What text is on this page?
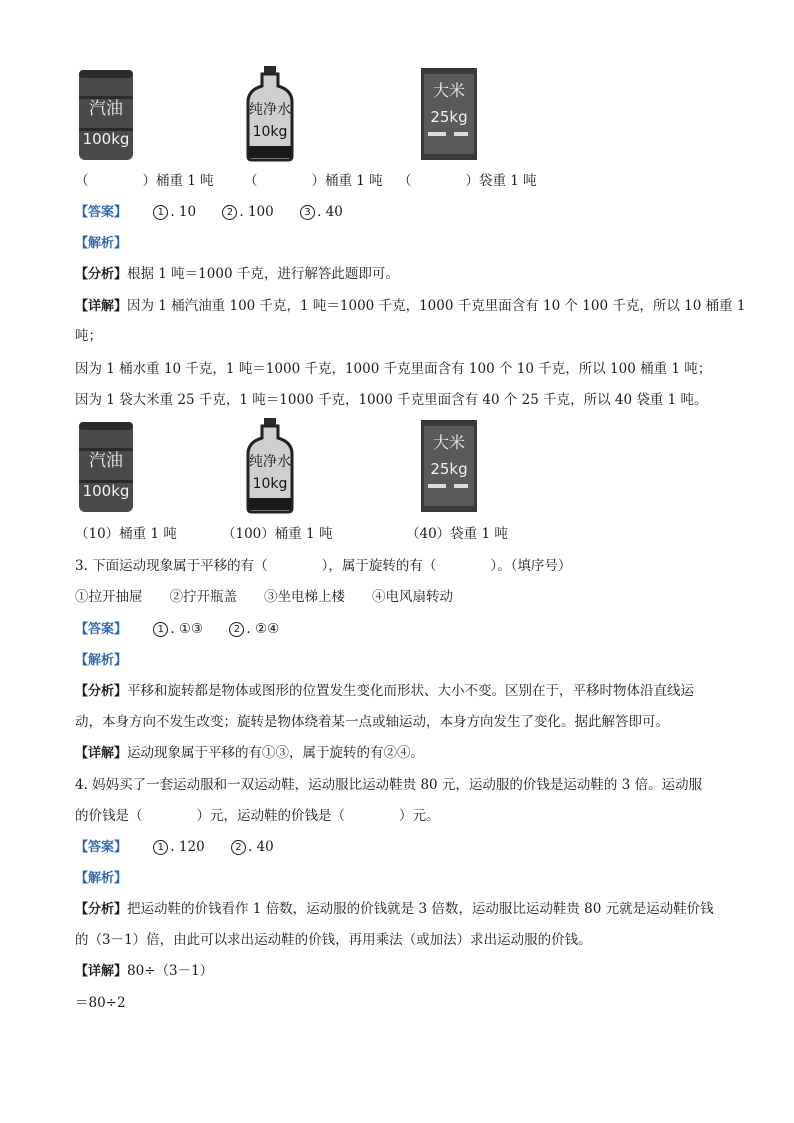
汽油
100kg
纯净水
10kg
大米
25kg
（　　　　）桶重 1 吨 （　　　　）桶重 1 吨 （　　　　）袋重 1 吨
【答案】	1 . 10	2 . 100	3 . 40
【解析】
【分析】根据 1 吨＝1000 千克，进行解答此题即可。
【详解】因为 1 桶汽油重 100 千克，1 吨＝1000 千克，1000 千克里面含有 10 个 100 千克，所以 10 桶重 1
吨；
因为 1 桶水重 10 千克，1 吨＝1000 千克，1000 千克里面含有 100 个 10 千克，所以 100 桶重 1 吨；
因为 1 袋大米重 25 千克，1 吨＝1000 千克，1000 千克里面含有 40 个 25 千克，所以 40 袋重 1 吨。
汽油
100kg
纯净水
10kg
大米
25kg
（10）桶重 1 吨	（100）桶重 1 吨	（40）袋重 1 吨
3. 下面运动现象属于平移的有（　　　　），属于旋转的有（　　　　）。（填序号）
①拉开抽屉　　②拧开瓶盖　　③坐电梯上楼　　④电风扇转动
【答案】	1 . ①③	2 . ②④
【解析】
【分析】平移和旋转都是物体或图形的位置发生变化而形状、大小不变。区别在于，平移时物体沿直线运
动，本身方向不发生改变；旋转是物体绕着某一点或轴运动，本身方向发生了变化。据此解答即可。
【详解】运动现象属于平移的有①③，属于旋转的有②④。
4. 妈妈买了一套运动服和一双运动鞋，运动服比运动鞋贵 80 元，运动服的价钱是运动鞋的 3 倍。运动服
的价钱是（　　　　）元，运动鞋的价钱是（　　　　）元。
【答案】	1 . 120	2 . 40
【解析】
【分析】把运动鞋的价钱看作 1 倍数，运动服的价钱就是 3 倍数，运动服比运动鞋贵 80 元就是运动鞋价钱
的（3－1）倍，由此可以求出运动鞋的价钱，再用乘法（或加法）求出运动服的价钱。
【详解】80÷（3－1）
＝80÷2
